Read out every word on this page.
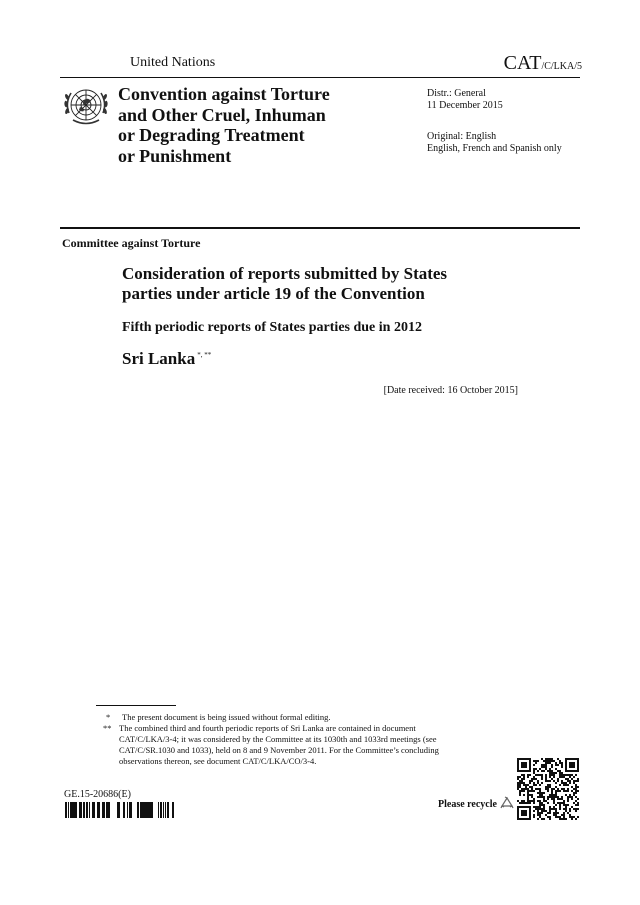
United Nations	CAT/C/LKA/5
Convention against Torture
and Other Cruel, Inhuman
or Degrading Treatment
or Punishment
Distr.: General
11 December 2015
Original: English
English, French and Spanish only
Committee against Torture
Consideration of reports submitted by States
parties under article 19 of the Convention
Fifth periodic reports of States parties due in 2012
Sri Lanka *, **
[Date received: 16 October 2015]
*	The present document is being issued without formal editing.
** The combined third and fourth periodic reports of Sri Lanka are contained in document
CAT/C/LKA/3-4; it was considered by the Committee at its 1030th and 1033rd meetings (see
CAT/C/SR.1030 and 1033), held on 8 and 9 November 2011. For the Committee’s concluding
observations thereon, see document CAT/C/LKA/CO/3-4.
GE.15-20686(E)
Please recycle
